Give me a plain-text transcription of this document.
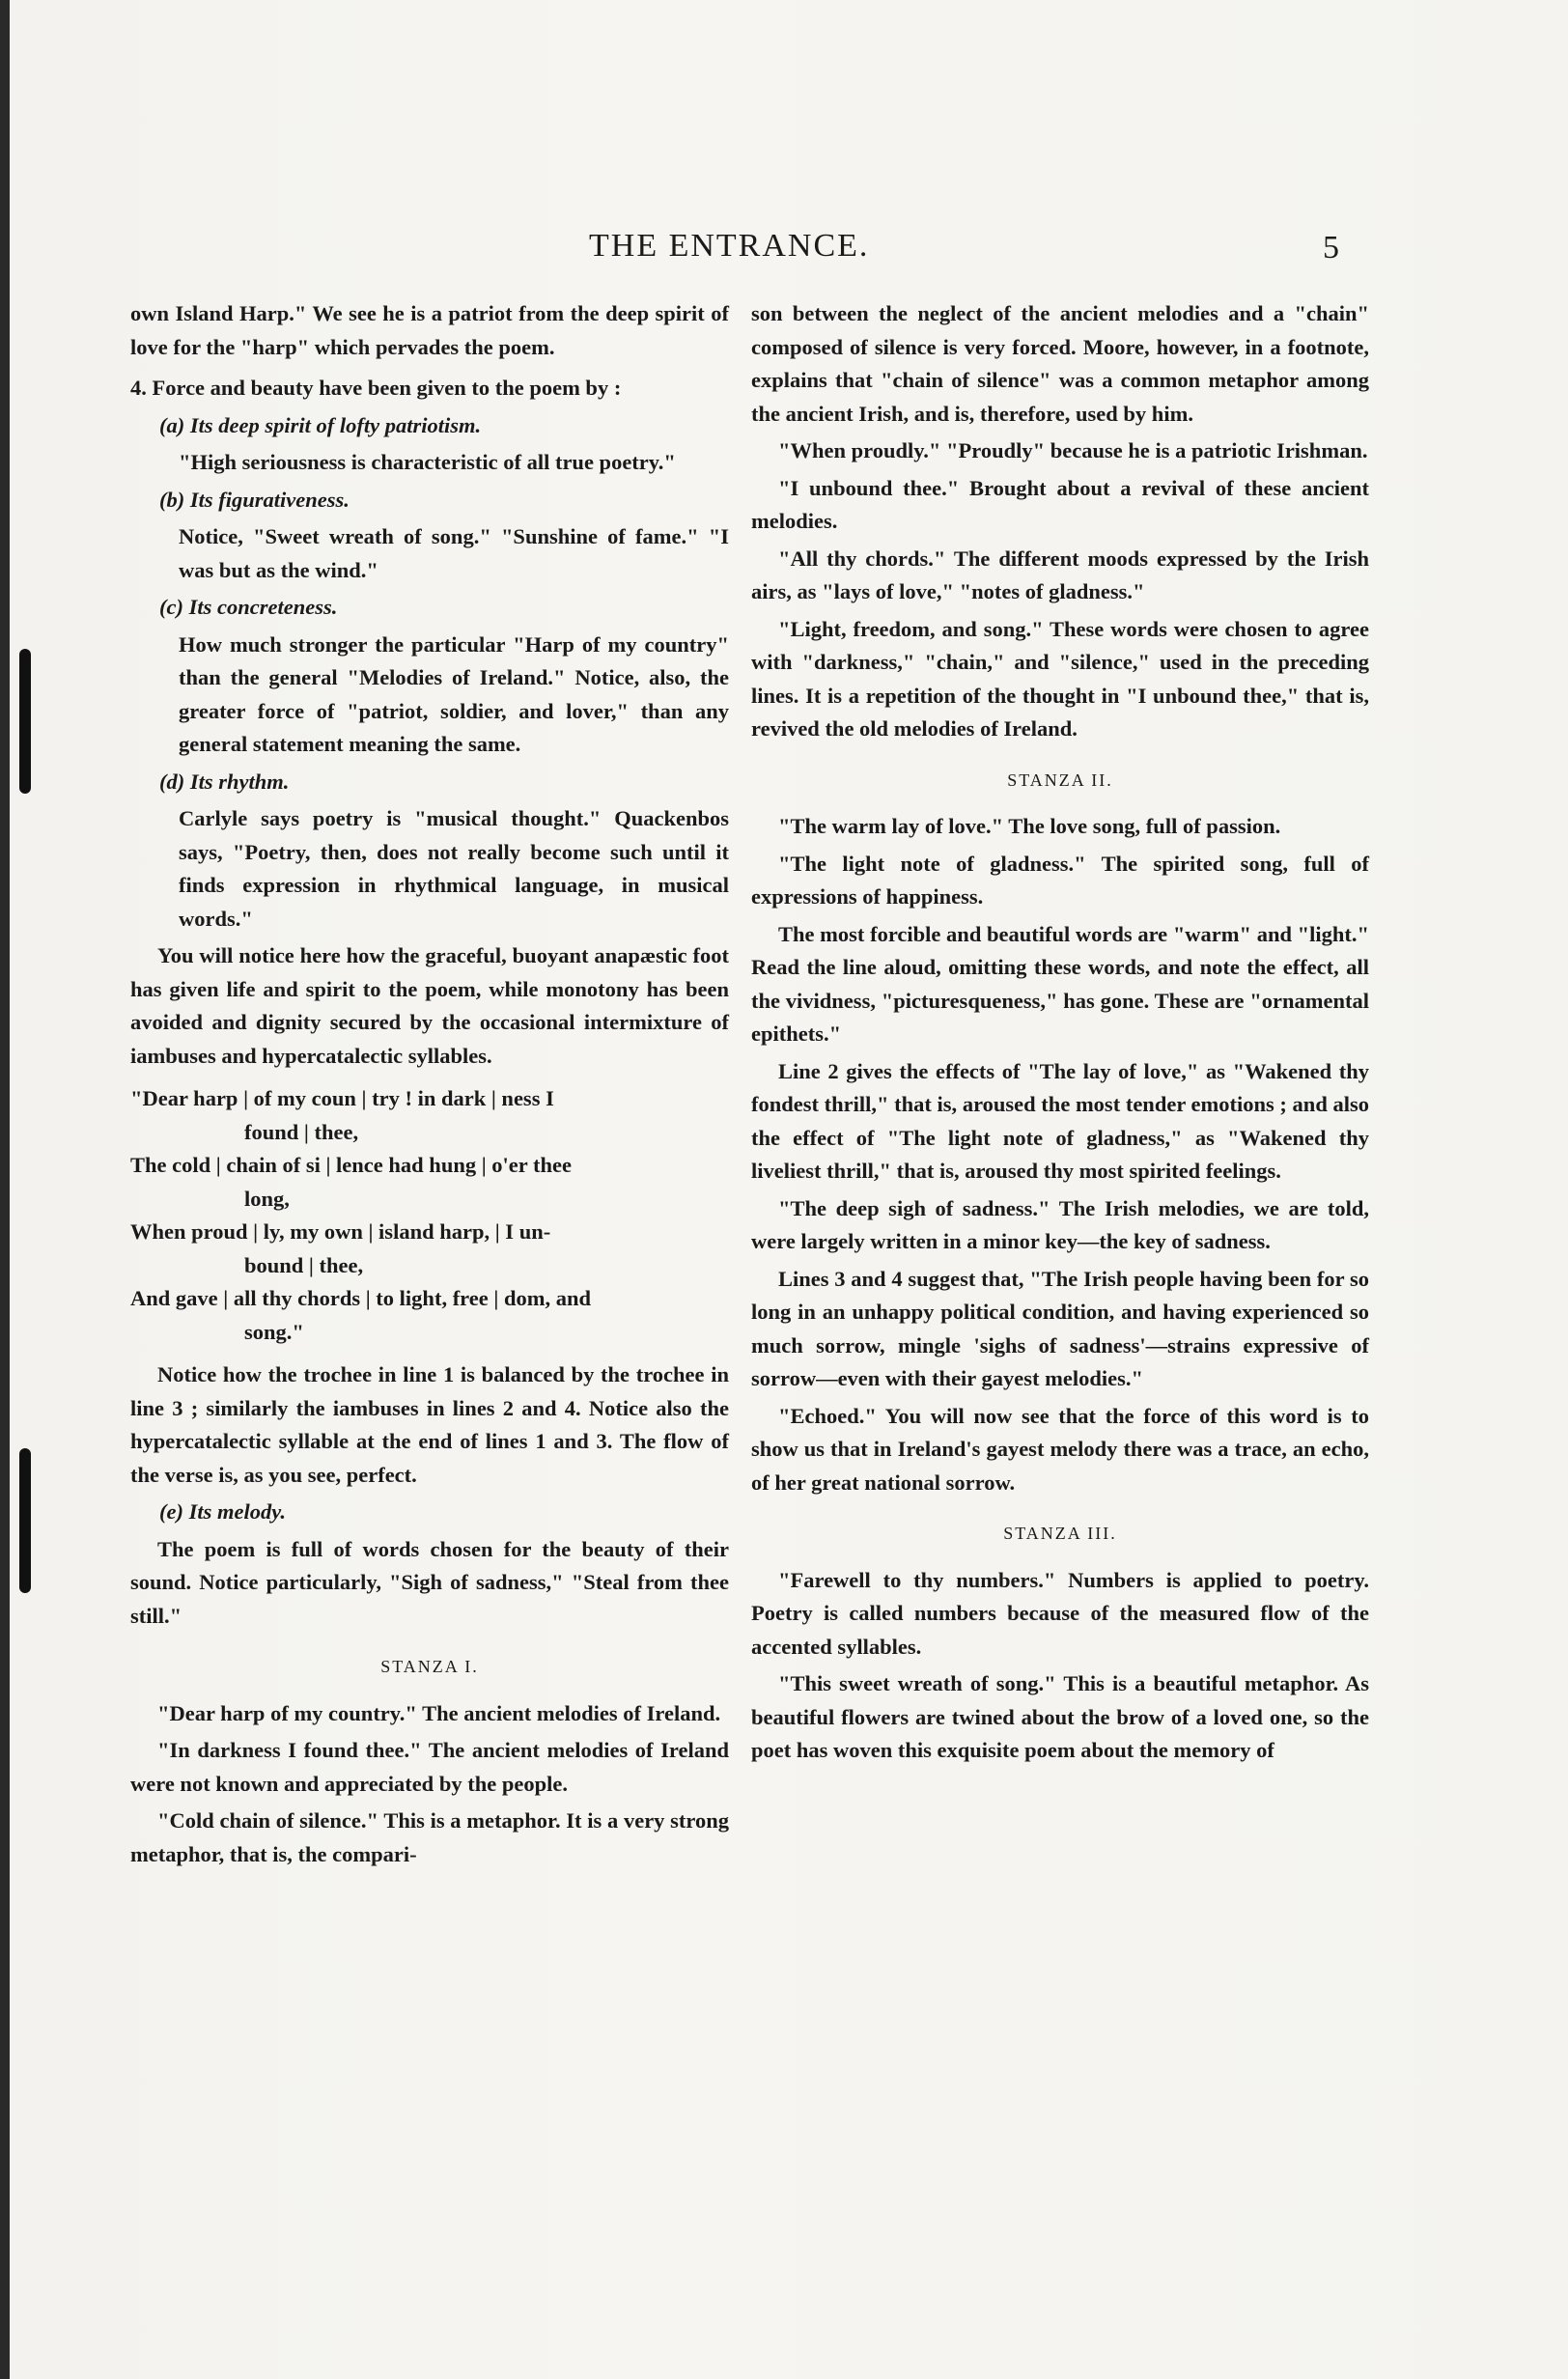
THE ENTRANCE.	5

own Island Harp." We see he is a patriot from the deep spirit of love for the "harp" which pervades the poem.

4. Force and beauty have been given to the poem by :

(a) Its deep spirit of lofty patriotism.

"High seriousness is characteristic of all true poetry."

(b) Its figurativeness.

Notice, "Sweet wreath of song." "Sunshine of fame." "I was but as the wind."

(c) Its concreteness.

How much stronger the particular "Harp of my country" than the general "Melodies of Ireland." Notice, also, the greater force of "patriot, soldier, and lover," than any general statement meaning the same.

(d) Its rhythm.

Carlyle says poetry is "musical thought." Quackenbos says, "Poetry, then, does not really become such until it finds expression in rhythmical language, in musical words."

You will notice here how the graceful, buoyant anapæstic foot has given life and spirit to the poem, while monotony has been avoided and dignity secured by the occasional intermixture of iambuses and hypercatalectic syllables.

"Dear harp | of my coun | try ! in dark | ness I
found | thee,
The cold | chain of si | lence had hung | o'er thee
long,
When proud | ly, my own | island harp, | I un-
bound | thee,
And gave | all thy chords | to light, free | dom, and
song."

Notice how the trochee in line 1 is balanced by the trochee in line 3 ; similarly the iambuses in lines 2 and 4. Notice also the hypercatalectic syllable at the end of lines 1 and 3. The flow of the verse is, as you see, perfect.

(e) Its melody.

The poem is full of words chosen for the beauty of their sound. Notice particularly, "Sigh of sadness," "Steal from thee still."

STANZA I.

"Dear harp of my country." The ancient melodies of Ireland.

"In darkness I found thee." The ancient melodies of Ireland were not known and appreciated by the people.

"Cold chain of silence." This is a metaphor. It is a very strong metaphor, that is, the compari-

son between the neglect of the ancient melodies and a "chain" composed of silence is very forced. Moore, however, in a footnote, explains that "chain of silence" was a common metaphor among the ancient Irish, and is, therefore, used by him.

"When proudly." "Proudly" because he is a patriotic Irishman.

"I unbound thee." Brought about a revival of these ancient melodies.

"All thy chords." The different moods expressed by the Irish airs, as "lays of love," "notes of gladness."

"Light, freedom, and song." These words were chosen to agree with "darkness," "chain," and "silence," used in the preceding lines. It is a repetition of the thought in "I unbound thee," that is, revived the old melodies of Ireland.

STANZA II.

"The warm lay of love." The love song, full of passion.

"The light note of gladness." The spirited song, full of expressions of happiness.

The most forcible and beautiful words are "warm" and "light." Read the line aloud, omitting these words, and note the effect, all the vividness, "picturesqueness," has gone. These are "ornamental epithets."

Line 2 gives the effects of "The lay of love," as "Wakened thy fondest thrill," that is, aroused the most tender emotions ; and also the effect of "The light note of gladness," as "Wakened thy liveliest thrill," that is, aroused thy most spirited feelings.

"The deep sigh of sadness." The Irish melodies, we are told, were largely written in a minor key—the key of sadness.

Lines 3 and 4 suggest that, "The Irish people having been for so long in an unhappy political condition, and having experienced so much sorrow, mingle 'sighs of sadness'—strains expressive of sorrow—even with their gayest melodies."

"Echoed." You will now see that the force of this word is to show us that in Ireland's gayest melody there was a trace, an echo, of her great national sorrow.

STANZA III.

"Farewell to thy numbers." Numbers is applied to poetry. Poetry is called numbers because of the measured flow of the accented syllables.

"This sweet wreath of song." This is a beautiful metaphor. As beautiful flowers are twined about the brow of a loved one, so the poet has woven this exquisite poem about the memory of
